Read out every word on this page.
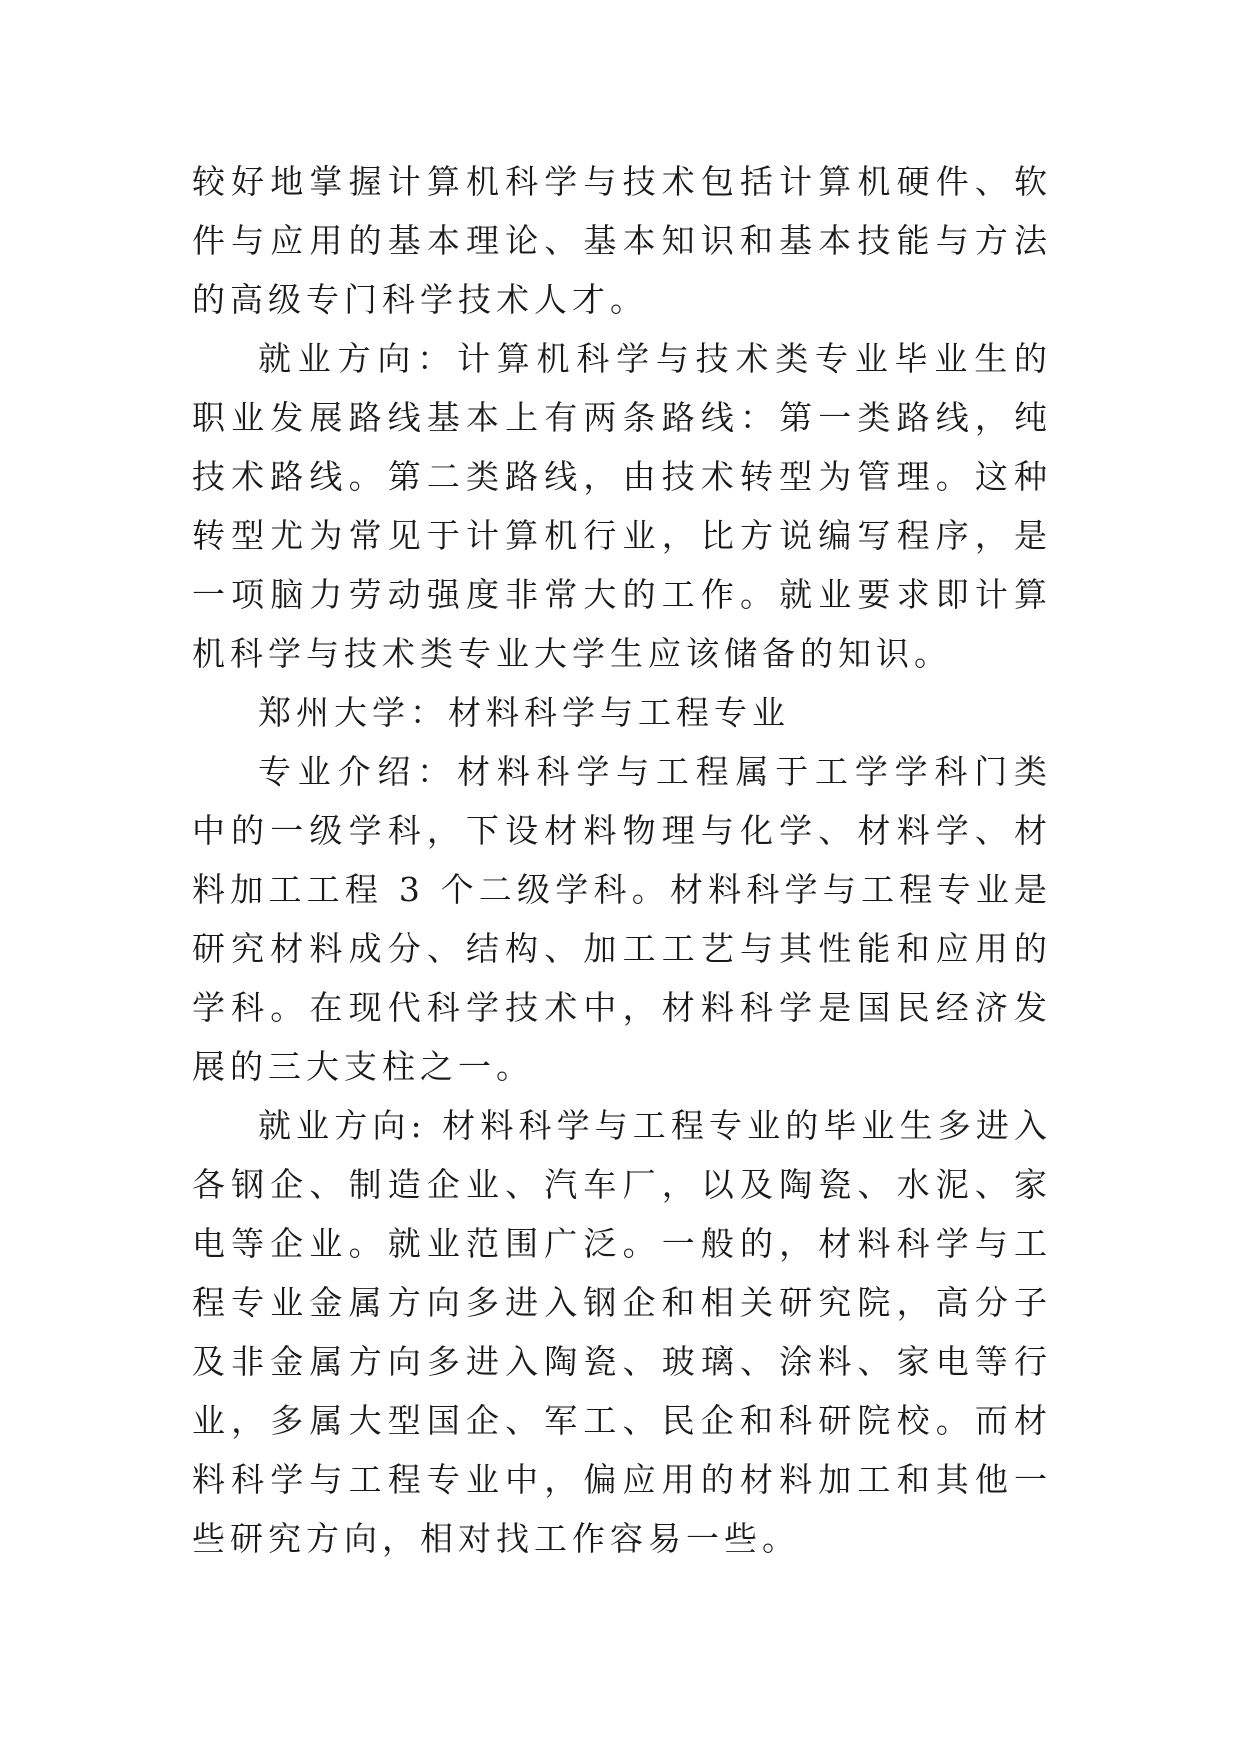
较好地掌握计算机科学与技术包括计算机硬件、软件与应用的基本理论、基本知识和基本技能与方法的高级专门科学技术人才。

就业方向：计算机科学与技术类专业毕业生的职业发展路线基本上有两条路线：第一类路线，纯技术路线。第二类路线，由技术转型为管理。这种转型尤为常见于计算机行业，比方说编写程序，是一项脑力劳动强度非常大的工作。就业要求即计算机科学与技术类专业大学生应该储备的知识。

郑州大学：材料科学与工程专业

专业介绍：材料科学与工程属于工学学科门类中的一级学科，下设材料物理与化学、材料学、材料加工工程 3 个二级学科。材料科学与工程专业是研究材料成分、结构、加工工艺与其性能和应用的学科。在现代科学技术中，材料科学是国民经济发展的三大支柱之一。

就业方向: 材料科学与工程专业的毕业生多进入各钢企、制造企业、汽车厂，以及陶瓷、水泥、家电等企业。就业范围广泛。一般的，材料科学与工程专业金属方向多进入钢企和相关研究院，高分子及非金属方向多进入陶瓷、玻璃、涂料、家电等行业，多属大型国企、军工、民企和科研院校。而材料科学与工程专业中，偏应用的材料加工和其他一些研究方向，相对找工作容易一些。
